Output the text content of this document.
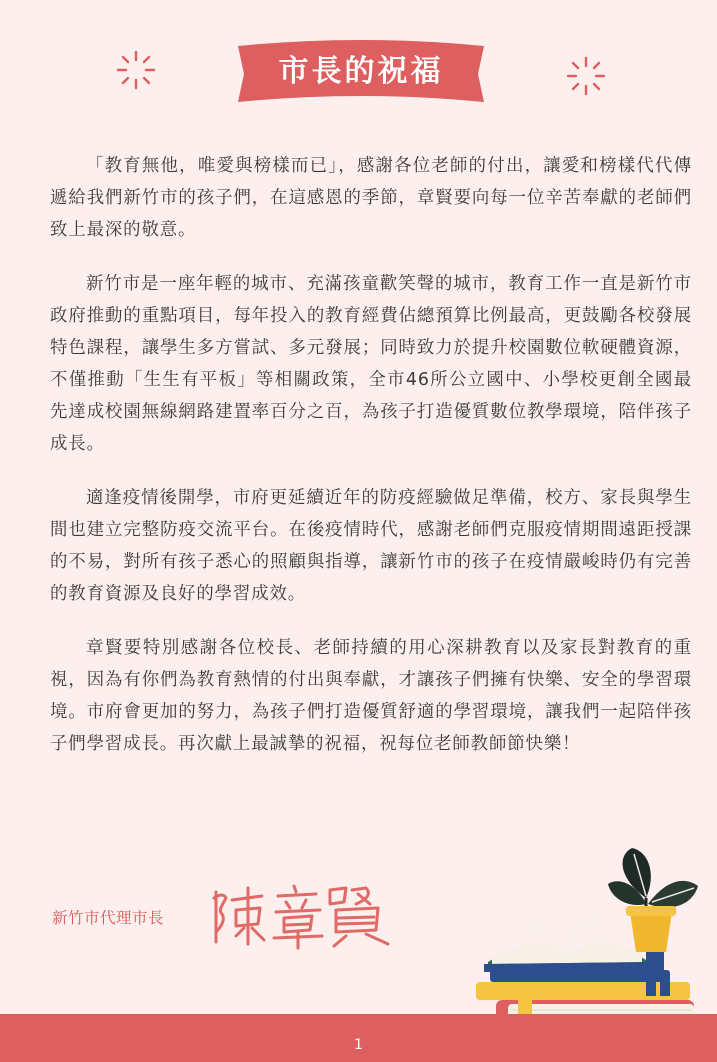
市長的祝福

「教育無他，唯愛與榜樣而已」，感謝各位老師的付出，讓愛和榜樣代代傳遞給我們新竹市的孩子們，在這感恩的季節，章賢要向每一位辛苦奉獻的老師們致上最深的敬意。

新竹市是一座年輕的城市、充滿孩童歡笑聲的城市，教育工作一直是新竹市政府推動的重點項目，每年投入的教育經費佔總預算比例最高，更鼓勵各校發展特色課程，讓學生多方嘗試、多元發展；同時致力於提升校園數位軟硬體資源，不僅推動「生生有平板」等相關政策，全市46所公立國中、小學校更創全國最先達成校園無線網路建置率百分之百，為孩子打造優質數位教學環境，陪伴孩子成長。

適逢疫情後開學，市府更延續近年的防疫經驗做足準備，校方、家長與學生間也建立完整防疫交流平台。在後疫情時代，感謝老師們克服疫情期間遠距授課的不易，對所有孩子悉心的照顧與指導，讓新竹市的孩子在疫情嚴峻時仍有完善的教育資源及良好的學習成效。

章賢要特別感謝各位校長、老師持續的用心深耕教育以及家長對教育的重視，因為有你們為教育熱情的付出與奉獻，才讓孩子們擁有快樂、安全的學習環境。市府會更加的努力，為孩子們打造優質舒適的學習環境，讓我們一起陪伴孩子們學習成長。再次獻上最誠摯的祝福，祝每位老師教師節快樂！

新竹市代理市長
1
